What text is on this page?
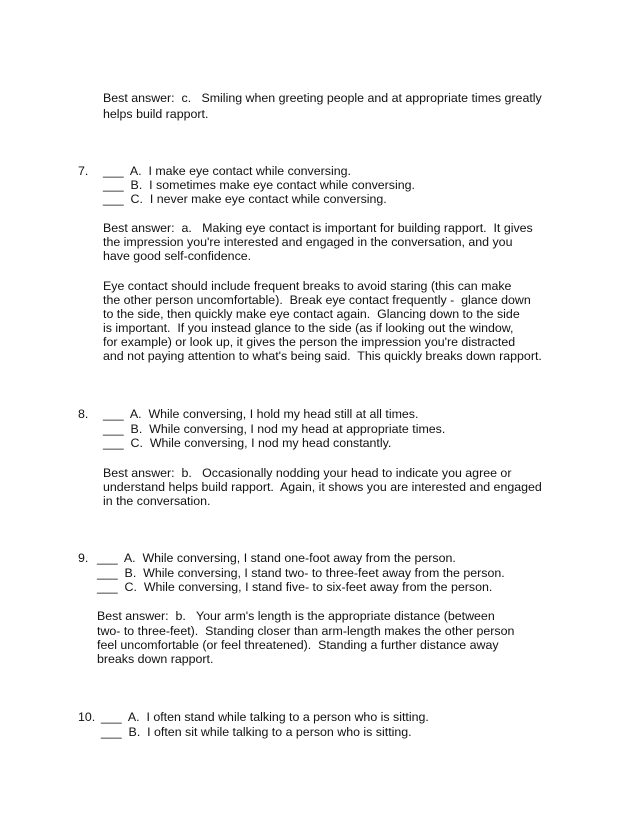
Best answer:  c.   Smiling when greeting people and at appropriate times greatly
helps build rapport.
7. ___  A.  I make eye contact while conversing.
___  B.  I sometimes make eye contact while conversing.
___  C.  I never make eye contact while conversing.
Best answer:  a.   Making eye contact is important for building rapport.  It gives
the impression you're interested and engaged in the conversation, and you
have good self-confidence.
Eye contact should include frequent breaks to avoid staring (this can make
the other person uncomfortable).  Break eye contact frequently -  glance down
to the side, then quickly make eye contact again.  Glancing down to the side
is important.  If you instead glance to the side (as if looking out the window,
for example) or look up, it gives the person the impression you're distracted
and not paying attention to what's being said.  This quickly breaks down rapport.
8. ___  A.  While conversing, I hold my head still at all times.
___  B.  While conversing, I nod my head at appropriate times.
___  C.  While conversing, I nod my head constantly.
Best answer:  b.   Occasionally nodding your head to indicate you agree or
understand helps build rapport.  Again, it shows you are interested and engaged
in the conversation.
9. ___  A.  While conversing, I stand one-foot away from the person.
___  B.  While conversing, I stand two- to three-feet away from the person.
___  C.  While conversing, I stand five- to six-feet away from the person.
Best answer:  b.   Your arm's length is the appropriate distance (between
two- to three-feet).  Standing closer than arm-length makes the other person
feel uncomfortable (or feel threatened).  Standing a further distance away
breaks down rapport.
10. ___  A.  I often stand while talking to a person who is sitting.
___  B.  I often sit while talking to a person who is sitting.
